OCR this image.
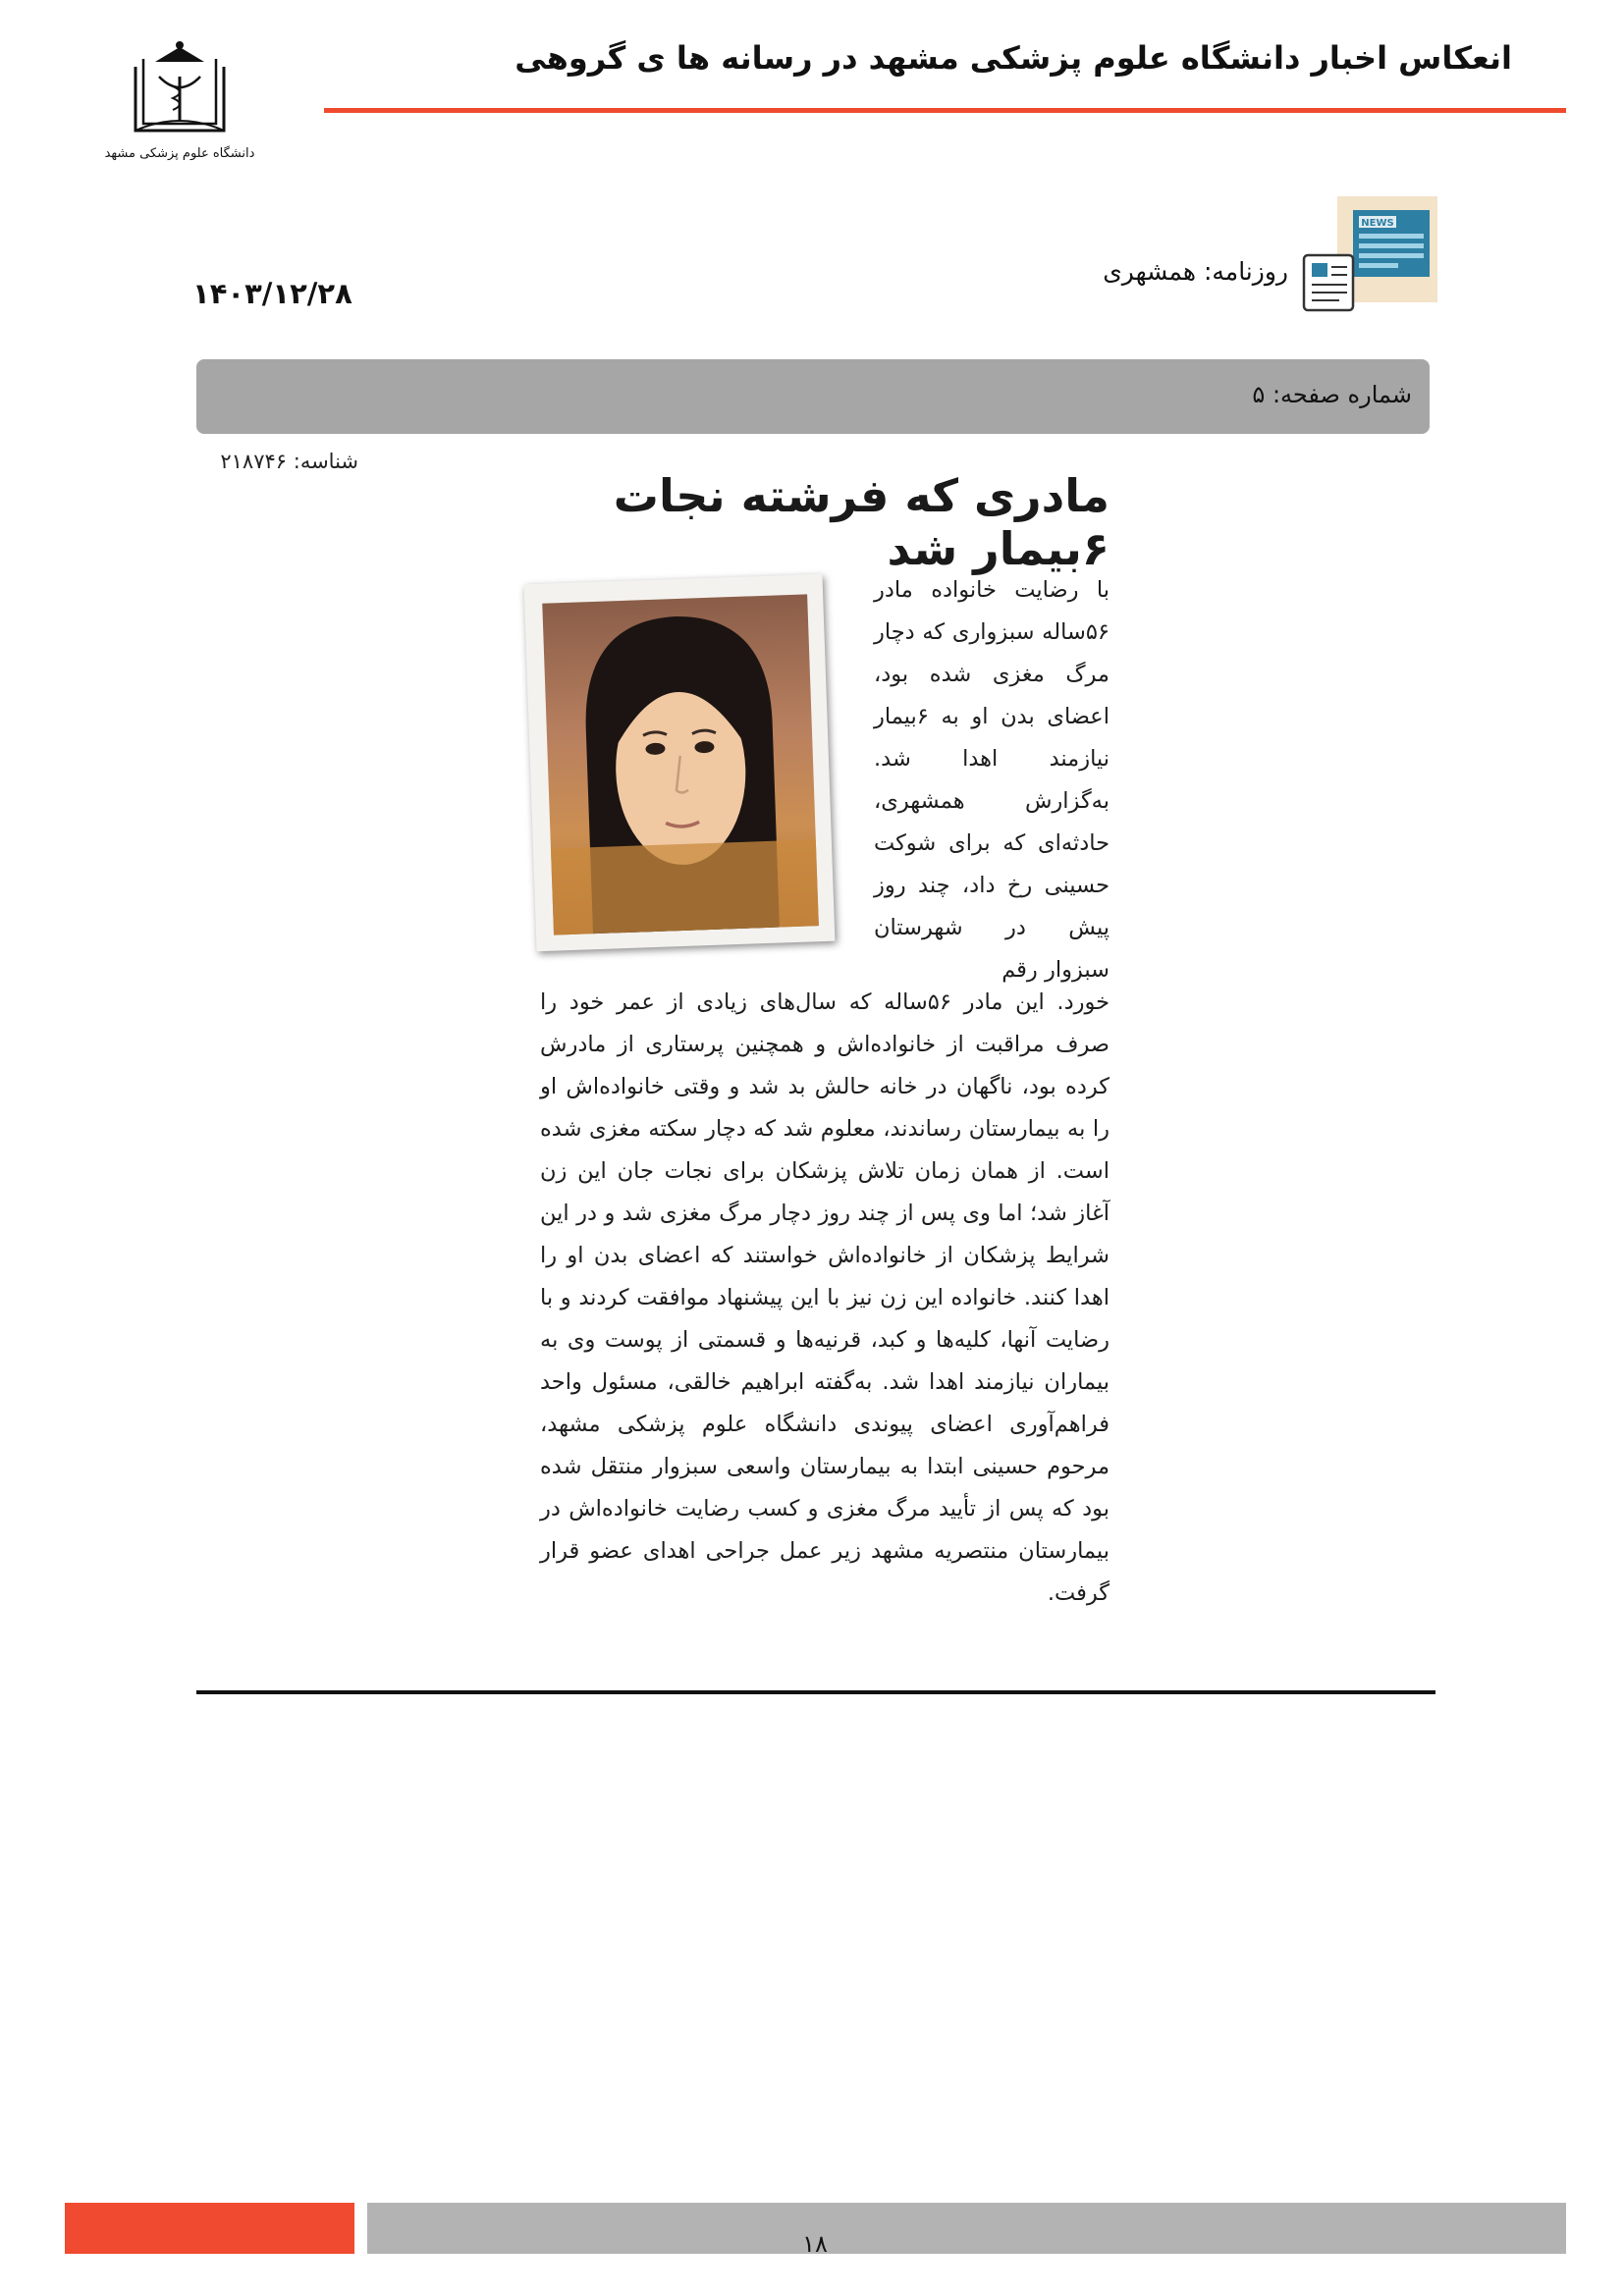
انعکاس اخبار دانشگاه علوم پزشکی مشهد در رسانه ها ی گروهی
دانشگاه علوم پزشکی مشهد
NEWS
روزنامه: همشهری
۱۴۰۳/۱۲/۲۸
شماره صفحه: ۵
شناسه: ۲۱۸۷۴۶
مادری که فرشته نجات ۶بیمار شد
با رضایت خانواده مادر ۵۶ساله سبزواری که دچار مرگ مغزی شده بود، اعضای بدن او به ۶بیمار نیازمند اهدا شد. به‌گزارش همشهری، حادثه‌ای که برای شوکت حسینی رخ داد، چند روز پیش در شهرستان سبزوار رقم
خورد. این مادر ۵۶ساله که سال‌های زیادی از عمر خود را صرف مراقبت از خانواده‌اش و همچنین پرستاری از مادرش کرده بود، ناگهان در خانه حالش بد شد و وقتی خانواده‌اش او را به بیمارستان رساندند، معلوم شد که دچار سکته مغزی شده است. از همان زمان تلاش پزشکان برای نجات جان این زن آغاز شد؛ اما وی پس از چند روز دچار مرگ مغزی شد و در این شرایط پزشکان از خانواده‌اش خواستند که اعضای بدن او را اهدا کنند. خانواده این زن نیز با این پیشنهاد موافقت کردند و با رضایت آنها، کلیه‌ها و کبد، قرنیه‌ها و قسمتی از پوست وی به بیماران نیازمند اهدا شد. به‌گفته ابراهیم خالقی، مسئول واحد فراهم‌آوری اعضای پیوندی دانشگاه علوم پزشکی مشهد، مرحوم حسینی ابتدا به بیمارستان واسعی سبزوار منتقل شده بود که پس از تأیید مرگ مغزی و کسب رضایت خانواده‌اش در بیمارستان منتصریه مشهد زیر عمل جراحی اهدای عضو قرار گرفت.
۱۸
